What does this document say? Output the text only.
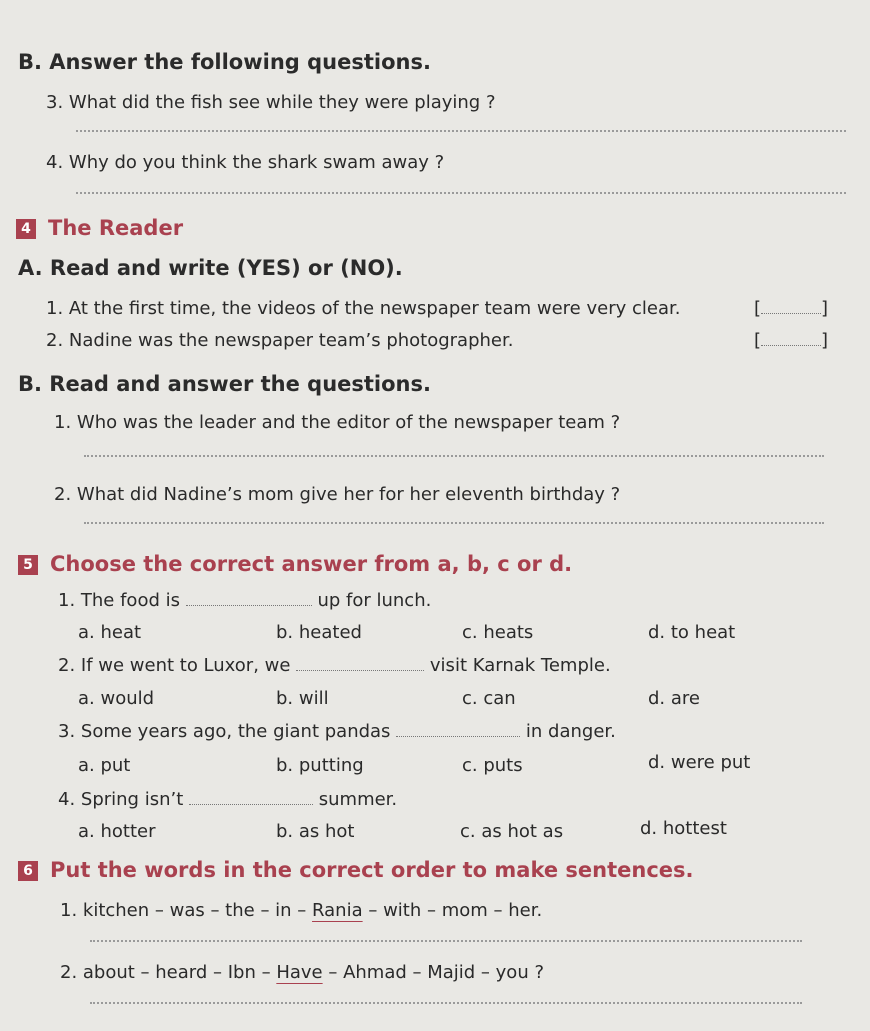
B. Answer the following questions.
3. What did the fish see while they were playing ?
4. Why do you think the shark swam away ?
4 The Reader
A. Read and write (YES) or (NO).
1. At the first time, the videos of the newspaper team were very clear.	[	]
2. Nadine was the newspaper team’s photographer.	[	]
B. Read and answer the questions.
1. Who was the leader and the editor of the newspaper team ?
2. What did Nadine’s mom give her for her eleventh birthday ?
5 Choose the correct answer from a, b, c or d.
1. The food is	up for lunch.
a. heat	b. heated	c. heats	d. to heat
2. If we went to Luxor, we	visit Karnak Temple.
a. would	b. will	c. can	d. are
3. Some years ago, the giant pandas	in danger.
a. put	b. putting	c. puts	d. were put
4. Spring isn’t	summer.
a. hotter	b. as hot	c. as hot as	d. hottest
6 Put the words in the correct order to make sentences.
1. kitchen – was – the – in – Rania – with – mom – her.
2. about – heard – Ibn – Have – Ahmad – Majid – you ?
